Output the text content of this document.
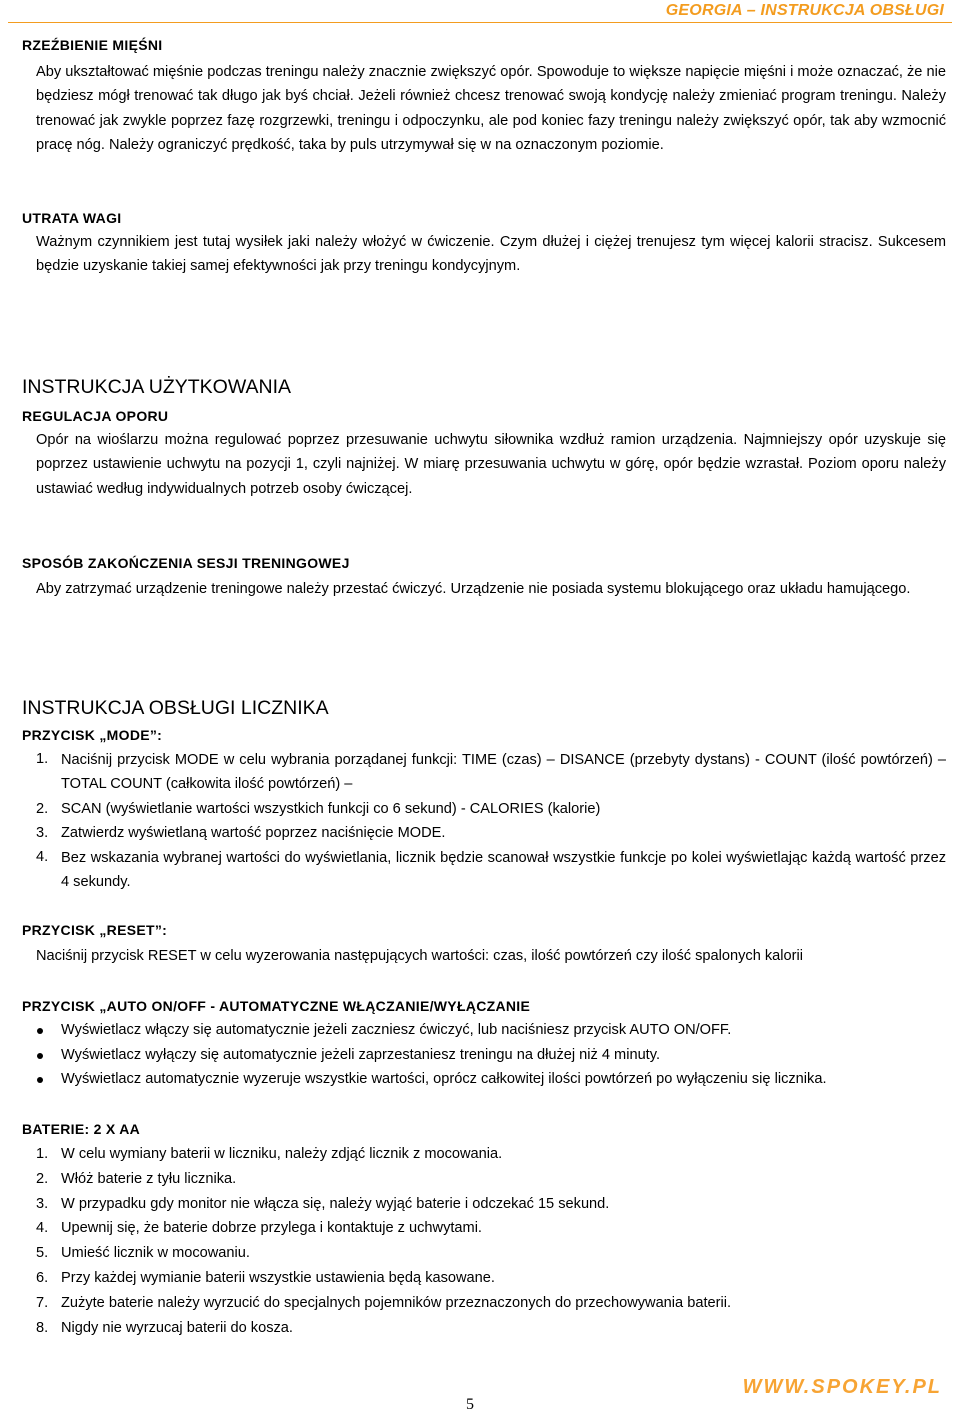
GEORGIA – INSTRUKCJA OBSŁUGI
RZEŹBIENIE MIĘŚNI
Aby ukształtować mięśnie podczas treningu należy znacznie zwiększyć opór. Spowoduje to większe napięcie mięśni i może oznaczać, że nie będziesz mógł trenować tak długo jak byś chciał. Jeżeli również chcesz trenować swoją kondycję należy zmieniać program treningu. Należy trenować jak zwykle poprzez fazę rozgrzewki, treningu i odpoczynku, ale pod koniec fazy treningu należy zwiększyć opór, tak aby wzmocnić pracę nóg. Należy ograniczyć prędkość, taka by puls utrzymywał się w na oznaczonym poziomie.
UTRATA WAGI
Ważnym czynnikiem jest tutaj wysiłek jaki należy włożyć w ćwiczenie. Czym dłużej i ciężej trenujesz tym więcej kalorii stracisz. Sukcesem będzie uzyskanie takiej samej efektywności jak przy treningu kondycyjnym.
INSTRUKCJA UŻYTKOWANIA
REGULACJA OPORU
Opór na wioślarzu można regulować poprzez przesuwanie uchwytu siłownika wzdłuż ramion urządzenia. Najmniejszy opór uzyskuje się poprzez ustawienie uchwytu na pozycji 1, czyli najniżej. W miarę przesuwania uchwytu w górę, opór będzie wzrastał. Poziom oporu należy ustawiać według indywidualnych potrzeb osoby ćwiczącej.
SPOSÓB ZAKOŃCZENIA SESJI TRENINGOWEJ
Aby zatrzymać urządzenie treningowe należy przestać ćwiczyć. Urządzenie nie posiada systemu blokującego oraz układu hamującego.
INSTRUKCJA OBSŁUGI LICZNIKA
PRZYCISK „MODE”:
1. Naciśnij przycisk MODE w celu wybrania porządanej funkcji: TIME (czas) – DISANCE (przebyty dystans) - COUNT (ilość powtórzeń) – TOTAL COUNT (całkowita ilość powtórzeń) –
2. SCAN (wyświetlanie wartości wszystkich funkcji co 6 sekund) - CALORIES (kalorie)
3. Zatwierdz wyświetlaną wartość poprzez naciśnięcie MODE.
4. Bez wskazania wybranej wartości do wyświetlania, licznik będzie scanował wszystkie funkcje po kolei wyświetlając każdą wartość przez 4 sekundy.
PRZYCISK „RESET”:
Naciśnij przycisk RESET w celu wyzerowania następujących wartości: czas, ilość powtórzeń czy ilość spalonych kalorii
PRZYCISK „AUTO ON/OFF - AUTOMATYCZNE WŁĄCZANIE/WYŁĄCZANIE
Wyświetlacz włączy się automatycznie jeżeli zaczniesz ćwiczyć, lub naciśniesz przycisk AUTO ON/OFF.
Wyświetlacz wyłączy się automatycznie jeżeli zaprzestaniesz treningu na dłużej niż 4 minuty.
Wyświetlacz automatycznie wyzeruje wszystkie wartości, oprócz całkowitej ilości powtórzeń po wyłączeniu się licznika.
BATERIE: 2 X AA
1. W celu wymiany baterii w liczniku, należy zdjąć licznik z mocowania.
2. Włóż baterie z tyłu licznika.
3. W przypadku gdy monitor nie włącza się, należy wyjąć baterie i odczekać 15 sekund.
4. Upewnij się, że baterie dobrze przylega i kontaktuje z uchwytami.
5. Umieść licznik w mocowaniu.
6. Przy każdej wymianie baterii wszystkie ustawienia będą kasowane.
7. Zużyte baterie należy wyrzucić do specjalnych pojemników przeznaczonych do przechowywania baterii.
8. Nigdy nie wyrzucaj baterii do kosza.
WWW.SPOKEY.PL
5
